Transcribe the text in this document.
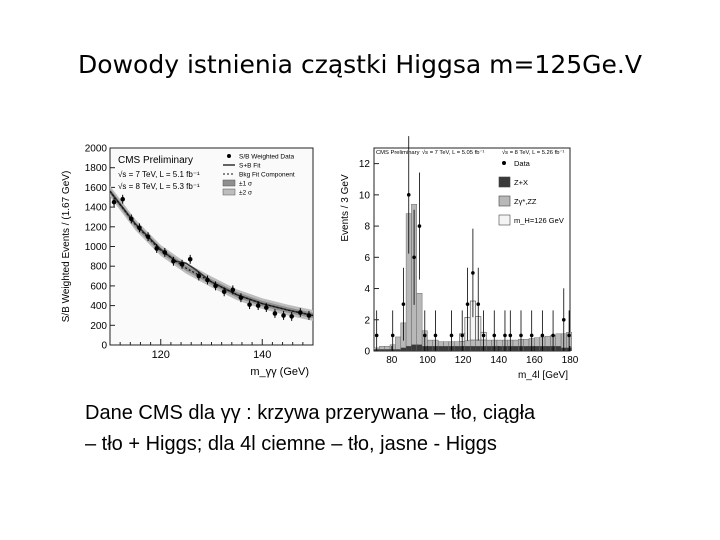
Dowody istnienia cząstki Higgsa m=125Ge.V
0
200
400
600
800
1000
1200
1400
1600
1800
2000
120	140
m_γγ (GeV)
S/B Weighted Events / (1.67 GeV)
CMS Preliminary
√s = 7 TeV, L = 5.1 fb⁻¹
√s = 8 TeV, L = 5.3 fb⁻¹
S/B Weighted Data
S+B Fit
Bkg Fit Component
±1 σ
±2 σ
0
2
4
6
8
10
12
80 100 120 140 160 180
m_4l [GeV]
Events / 3 GeV
CMS Preliminary √s = 7 TeV, L = 5.05 fb⁻¹	√s = 8 TeV, L = 5.26 fb⁻¹
Data
Z+X
Zγ*,ZZ
m_H=126 GeV
Dane CMS dla γγ : krzywa przerywana – tło, ciągła
– tło + Higgs; dla 4l ciemne – tło, jasne - Higgs
